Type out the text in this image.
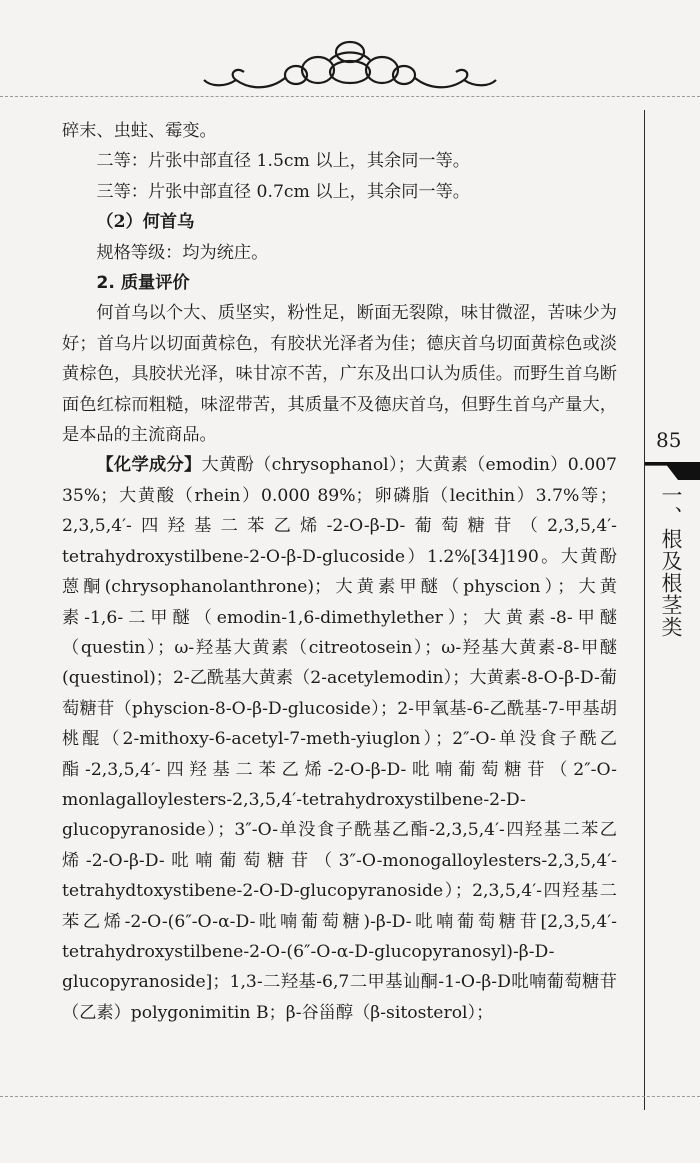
碎末、虫蛀、霉变。

二等：片张中部直径 1.5cm 以上，其余同一等。

三等：片张中部直径 0.7cm 以上，其余同一等。

（2）何首乌

规格等级：均为统庄。

2. 质量评价

何首乌以个大、质坚实，粉性足，断面无裂隙，味甘微涩，苦味少为好；首乌片以切面黄棕色，有胶状光泽者为佳；德庆首乌切面黄棕色或淡黄棕色，具胶状光泽，味甘凉不苦，广东及出口认为质佳。而野生首乌断面色红棕而粗糙，味涩带苦，其质量不及德庆首乌，但野生首乌产量大，是本品的主流商品。

【化学成分】大黄酚（chrysophanol）；大黄素（emodin）0.007 35%；大黄酸（rhein）0.000 89%；卵磷脂（lecithin）3.7%等；2,3,5,4′-四羟基二苯乙烯-2-O-β-D-葡萄糖苷（2,3,5,4′-tetrahydroxystilbene-2-O-β-D-glucoside）1.2%[34]190。大黄酚蒽酮(chrysophanolanthrone)；大黄素甲醚（physcion）；大黄素-1,6-二甲醚（emodin-1,6-dimethylether）；大黄素-8-甲醚（questin）；ω-羟基大黄素（citreotosein）；ω-羟基大黄素-8-甲醚(questinol)；2-乙酰基大黄素（2-acetylemodin）；大黄素-8-O-β-D-葡萄糖苷（physcion-8-O-β-D-glucoside）；2-甲氧基-6-乙酰基-7-甲基胡桃醌（2-mithoxy-6-acetyl-7-meth-yiuglon）；2″-O-单没食子酰乙酯-2,3,5,4′-四羟基二苯乙烯-2-O-β-D-吡喃葡萄糖苷（2″-O-monlagalloylesters-2,3,5,4′-tetrahydroxystilbene-2-D-glucopyranoside）；3″-O-单没食子酰基乙酯-2,3,5,4′-四羟基二苯乙烯-2-O-β-D-吡喃葡萄糖苷（3″-O-monogalloylesters-2,3,5,4′-tetrahydtoxystibene-2-O-D-glucopyranoside）；2,3,5,4′-四羟基二苯乙烯-2-O-(6″-O-α-D-吡喃葡萄糖)-β-D-吡喃葡萄糖苷[2,3,5,4′-tetrahydroxystilbene-2-O-(6″-O-α-D-glucopyranosyl)-β-D-glucopyranoside]；1,3-二羟基-6,7二甲基讪酮-1-O-β-D吡喃葡萄糖苷（乙素）polygonimitin B；β-谷甾醇（β-sitosterol）；

85
一、根及根茎类
